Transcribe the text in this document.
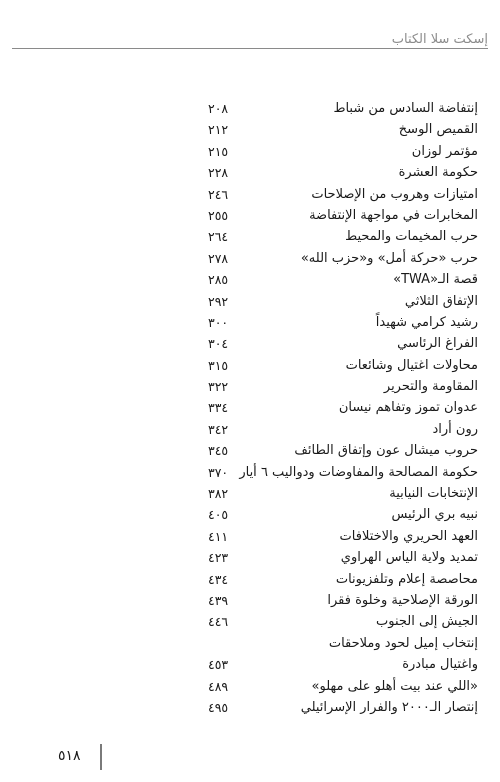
إسكت سلا الكتاب
إنتفاضة السادس من شباط
٢٠٨
القميص الوسخ
٢١٢
مؤتمر لوزان
٢١٥
حكومة العشرة
٢٢٨
امتيازات وهروب من الإصلاحات
٢٤٦
المخابرات في مواجهة الإنتفاضة
٢٥٥
حرب المخيمات والمحيط
٢٦٤
حرب «حركة أمل» و«حزب الله»
٢٧٨
قصة الـ«TWA»
٢٨٥
الإتفاق الثلاثي
٢٩٢
رشيد كرامي شهيداً
٣٠٠
الفراغ الرئاسي
٣٠٤
محاولات اغتيال وشائعات
٣١٥
المقاومة والتحرير
٣٢٢
عدوان تموز وتفاهم نيسان
٣٣٤
رون أراد
٣٤٢
حروب ميشال عون وإتفاق الطائف
٣٤٥
حكومة المصالحة والمفاوضات ودواليب ٦ أيار
٣٧٠
الإنتخابات النيابية
٣٨٢
نبيه بري الرئيس
٤٠٥
العهد الحريري والاختلافات
٤١١
تمديد ولاية الياس الهراوي
٤٢٣
محاصصة إعلام وتلفزيونات
٤٣٤
الورقة الإصلاحية وخلوة فقرا
٤٣٩
الجيش إلى الجنوب
٤٤٦
إنتخاب إميل لحود وملاحقات
واغتيال مبادرة
٤٥٣
«اللي عند بيت أهلو على مهلو»
٤٨٩
إنتصار الـ٢٠٠٠ والفرار الإسرائيلي
٤٩٥
٥١٨
